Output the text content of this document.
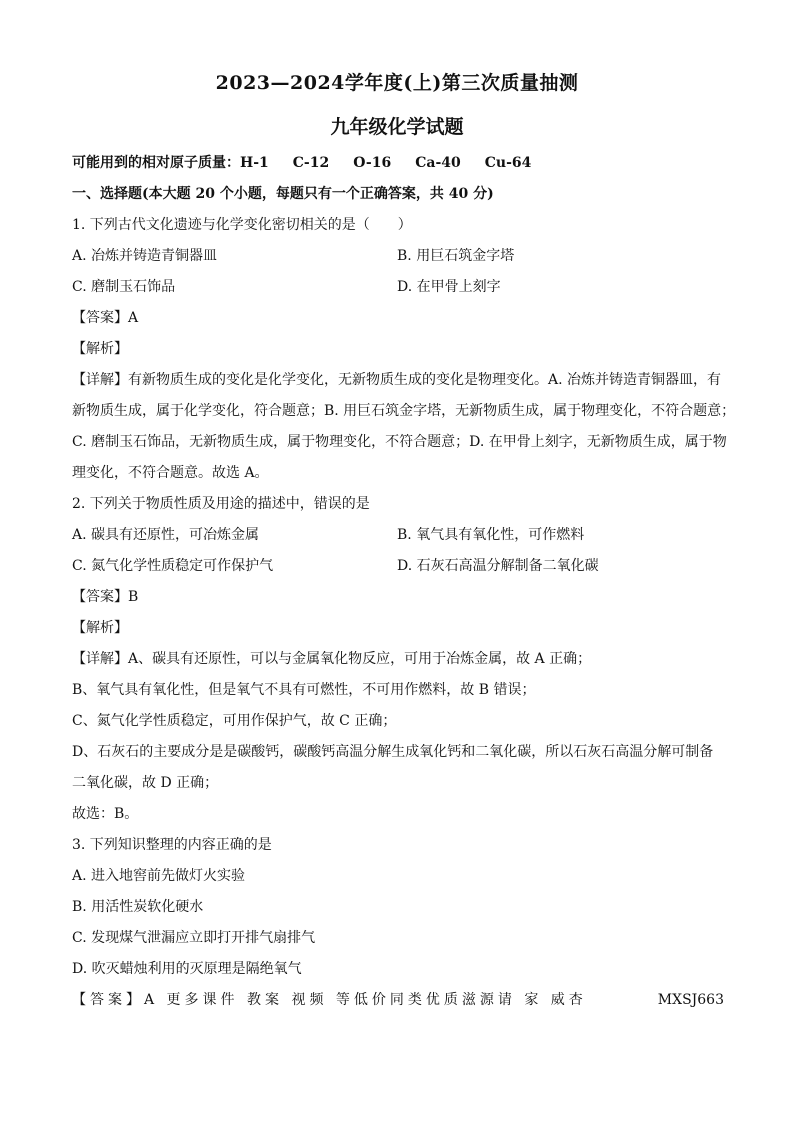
2023—2024学年度(上)第三次质量抽测
九年级化学试题
可能用到的相对原子质量：H-1 C-12 O-16 Ca-40 Cu-64
一、选择题(本大题 20 个小题，每题只有一个正确答案，共 40 分)
1. 下列古代文化遗迹与化学变化密切相关的是（　　）
A. 冶炼并铸造青铜器皿	B. 用巨石筑金字塔
C. 磨制玉石饰品	D. 在甲骨上刻字
【答案】A
【解析】
【详解】有新物质生成的变化是化学变化，无新物质生成的变化是物理变化。A. 冶炼并铸造青铜器皿，有
新物质生成，属于化学变化，符合题意；B. 用巨石筑金字塔，无新物质生成，属于物理变化，不符合题意；
C. 磨制玉石饰品，无新物质生成，属于物理变化，不符合题意；D. 在甲骨上刻字，无新物质生成，属于物
理变化，不符合题意。故选 A。
2. 下列关于物质性质及用途的描述中，错误的是
A. 碳具有还原性，可冶炼金属	B. 氧气具有氧化性，可作燃料
C. 氮气化学性质稳定可作保护气	D. 石灰石高温分解制备二氧化碳
【答案】B
【解析】
【详解】A、碳具有还原性，可以与金属氧化物反应，可用于冶炼金属，故 A 正确；
B、氧气具有氧化性，但是氧气不具有可燃性，不可用作燃料，故 B 错误；
C、氮气化学性质稳定，可用作保护气，故 C 正确；
D、石灰石的主要成分是是碳酸钙，碳酸钙高温分解生成氧化钙和二氧化碳，所以石灰石高温分解可制备
二氧化碳，故 D 正确；
故选：B。
3. 下列知识整理的内容正确的是
A. 进入地窖前先做灯火实验
B. 用活性炭软化硬水
C. 发现煤气泄漏应立即打开排气扇排气
D. 吹灭蜡烛利用的灭原理是隔绝氧气
【答案】A 更多课件 教案 视频 等低价同类优质滋源请 家 威杏	MXSJ663
